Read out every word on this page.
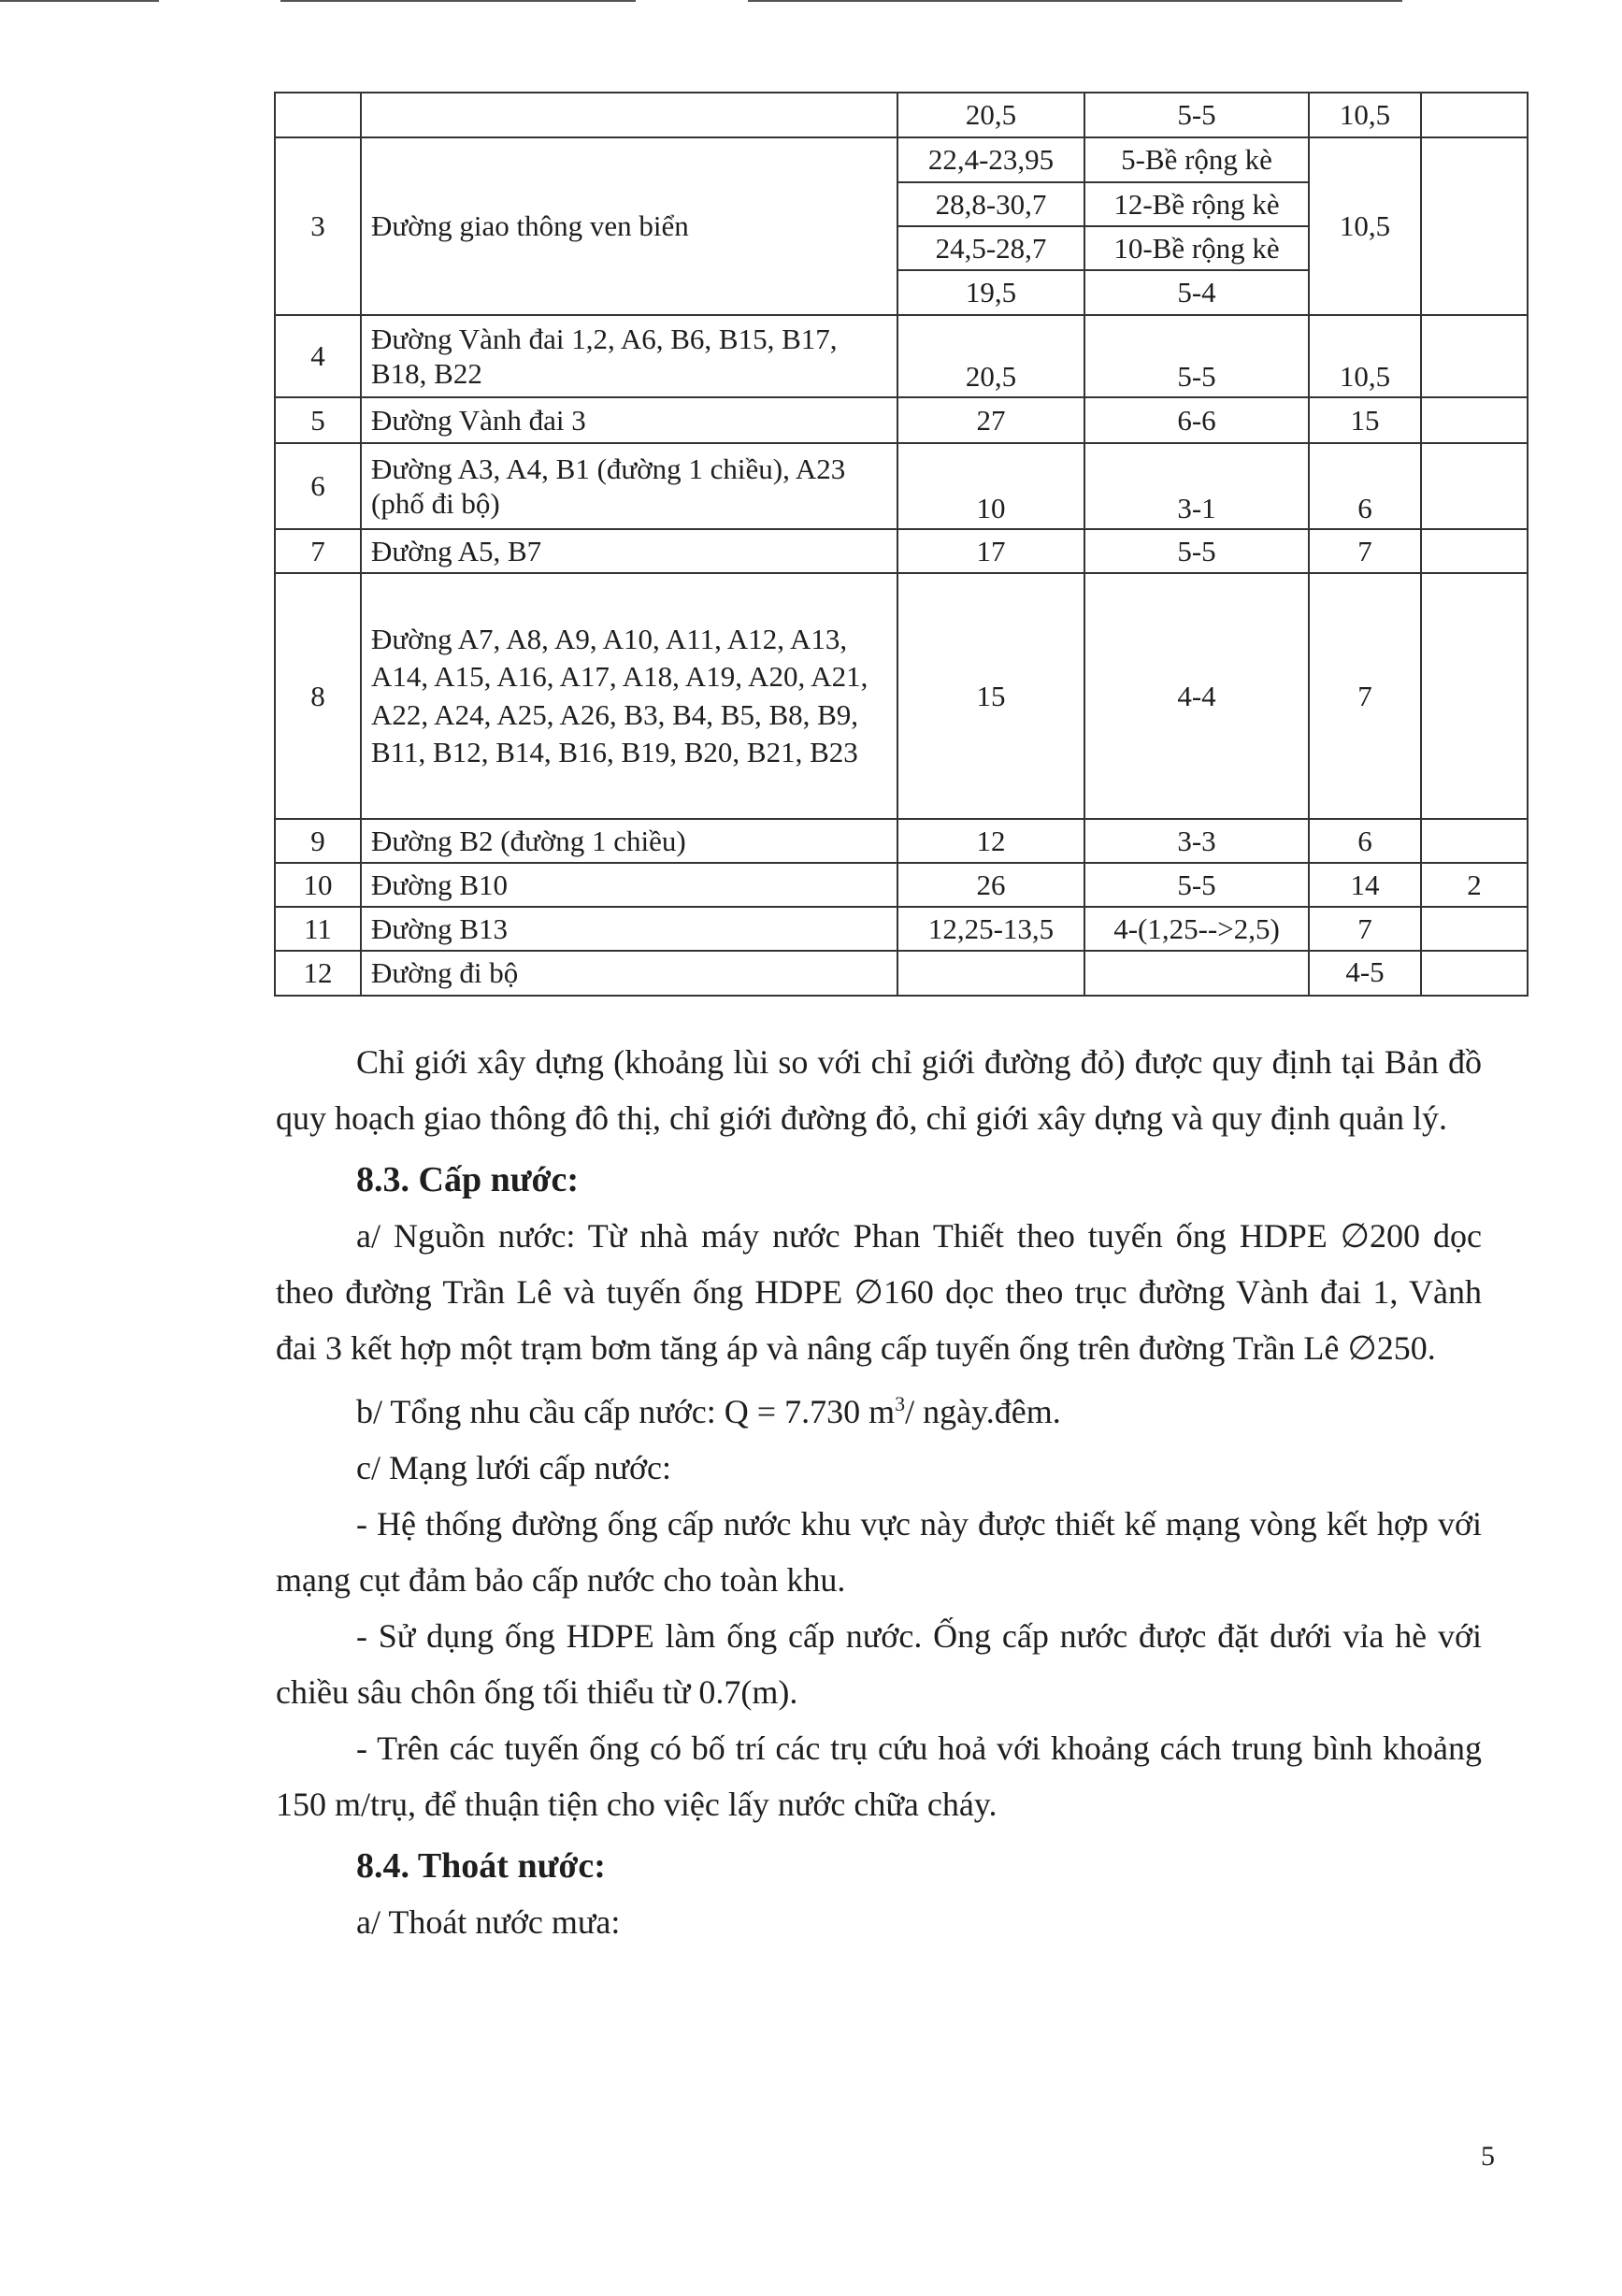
		20,5	5-5	10,5	
3	Đường giao thông ven biển	22,4-23,95	5-Bề rộng kè	10,5	
		28,8-30,7	12-Bề rộng kè		
		24,5-28,7	10-Bề rộng kè		
		19,5	5-4		
4	Đường Vành đai 1,2, A6, B6, B15, B17, B18, B22	20,5	5-5	10,5	
5	Đường Vành đai 3	27	6-6	15	
6	Đường A3, A4, B1 (đường 1 chiều), A23 (phố đi bộ)	10	3-1	6	
7	Đường A5, B7	17	5-5	7	
8	Đường A7, A8, A9, A10, A11, A12, A13, A14, A15, A16, A17, A18, A19, A20, A21, A22, A24, A25, A26, B3, B4, B5, B8, B9, B11, B12, B14, B16, B19, B20, B21, B23	15	4-4	7	
9	Đường B2 (đường 1 chiều)	12	3-3	6	
10	Đường B10	26	5-5	14	2
11	Đường B13	12,25-13,5	4-(1,25-->2,5)	7	
12	Đường đi bộ			4-5	

Chỉ giới xây dựng (khoảng lùi so với chỉ giới đường đỏ) được quy định tại Bản đồ quy hoạch giao thông đô thị, chỉ giới đường đỏ, chỉ giới xây dựng và quy định quản lý.

8.3. Cấp nước:

a/ Nguồn nước: Từ nhà máy nước Phan Thiết theo tuyến ống HDPE ∅200 dọc theo đường Trần Lê và tuyến ống HDPE ∅160 dọc theo trục đường Vành đai 1, Vành đai 3 kết hợp một trạm bơm tăng áp và nâng cấp tuyến ống trên đường Trần Lê ∅250.

b/ Tổng nhu cầu cấp nước: Q = 7.730 $m^3/$ ngày.đêm.

c/ Mạng lưới cấp nước:

- Hệ thống đường ống cấp nước khu vực này được thiết kế mạng vòng kết hợp với mạng cụt đảm bảo cấp nước cho toàn khu.

- Sử dụng ống HDPE làm ống cấp nước. Ống cấp nước được đặt dưới vỉa hè với chiều sâu chôn ống tối thiểu từ 0.7(m).

- Trên các tuyến ống có bố trí các trụ cứu hoả với khoảng cách trung bình khoảng 150 m/trụ, để thuận tiện cho việc lấy nước chữa cháy.

8.4. Thoát nước:

a/ Thoát nước mưa:

5
